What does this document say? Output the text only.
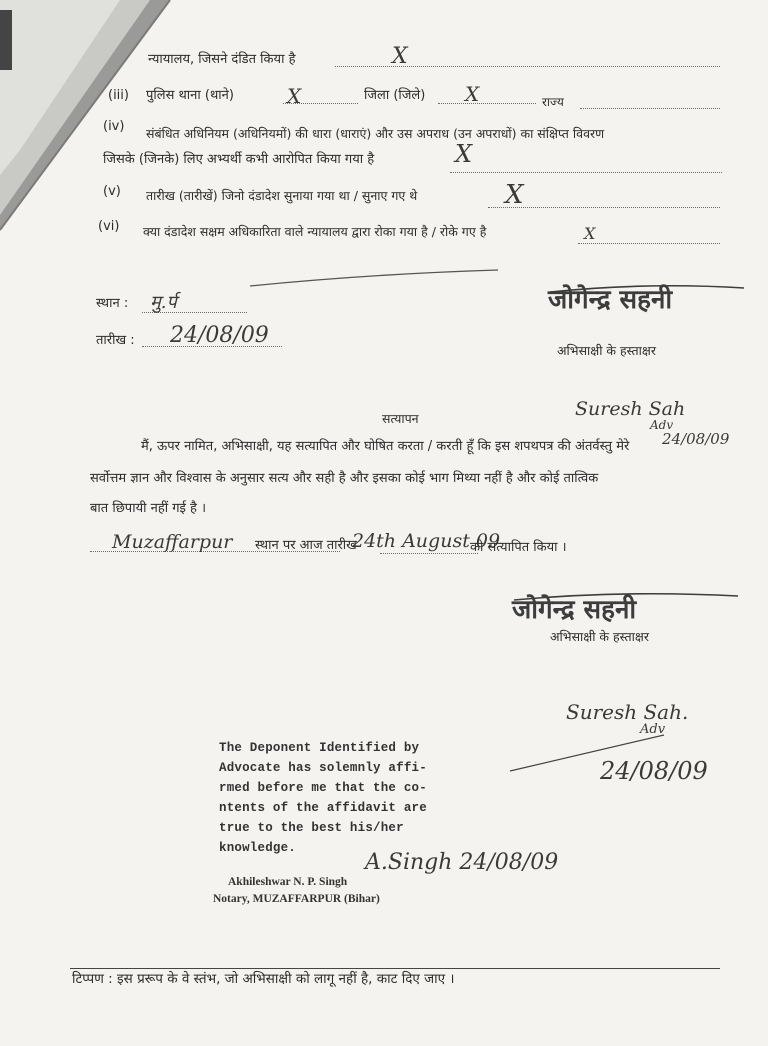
न्यायालय, जिसने दंडित किया है	X
(iii) पुलिस थाना (थाने)	X	जिला (जिले) X	राज्य
(iv) संबंधित अधिनियम (अधिनियमों) की धारा (धाराएं) और उस अपराध (उन अपराधों) का संक्षिप्त विवरण
जिसके (जिनके) लिए अभ्यर्थी कभी आरोपित किया गया है	X
(v) तारीख (तारीखें) जिनो दंडादेश सुनाया गया था / सुनाए गए थे	X
(vi) क्या दंडादेश सक्षम अधिकारिता वाले न्यायालय द्वारा रोका गया है / रोके गए है	X
स्थान : मु.र्प
तारीख : 24/08/09
जोगेन्द्र सहनी
अभिसाक्षी के हस्ताक्षर
Suresh Sah
Adv
24/08/09
सत्यापन
मैं, ऊपर नामित, अभिसाक्षी, यह सत्यापित और घोषित करता / करती हूँ कि इस शपथपत्र की अंतर्वस्तु मेरे
सर्वोत्तम ज्ञान और विश्वास के अनुसार सत्य और सही है और इसका कोई भाग मिथ्या नहीं है और कोई तात्विक
बात छिपायी नहीं गई है ।
Muzaffarpur स्थान पर आज तारीख
24th August 09
को सत्यापित किया ।
जोगेन्द्र सहनी
अभिसाक्षी के हस्ताक्षर
Suresh Sah.
Adv
24/08/09
The Deponent Identified by
Advocate has solemnly affi-
rmed before me that the co-
ntents of the affidavit are
true to the best his/her
knowledge.
Akhileshwar N. P. Singh
Notary, MUZAFFARPUR (Bihar)
A.Singh 24/08/09
टिप्पण : इस प्ररूप के वे स्तंभ, जो अभिसाक्षी को लागू नहीं है, काट दिए जाए ।
